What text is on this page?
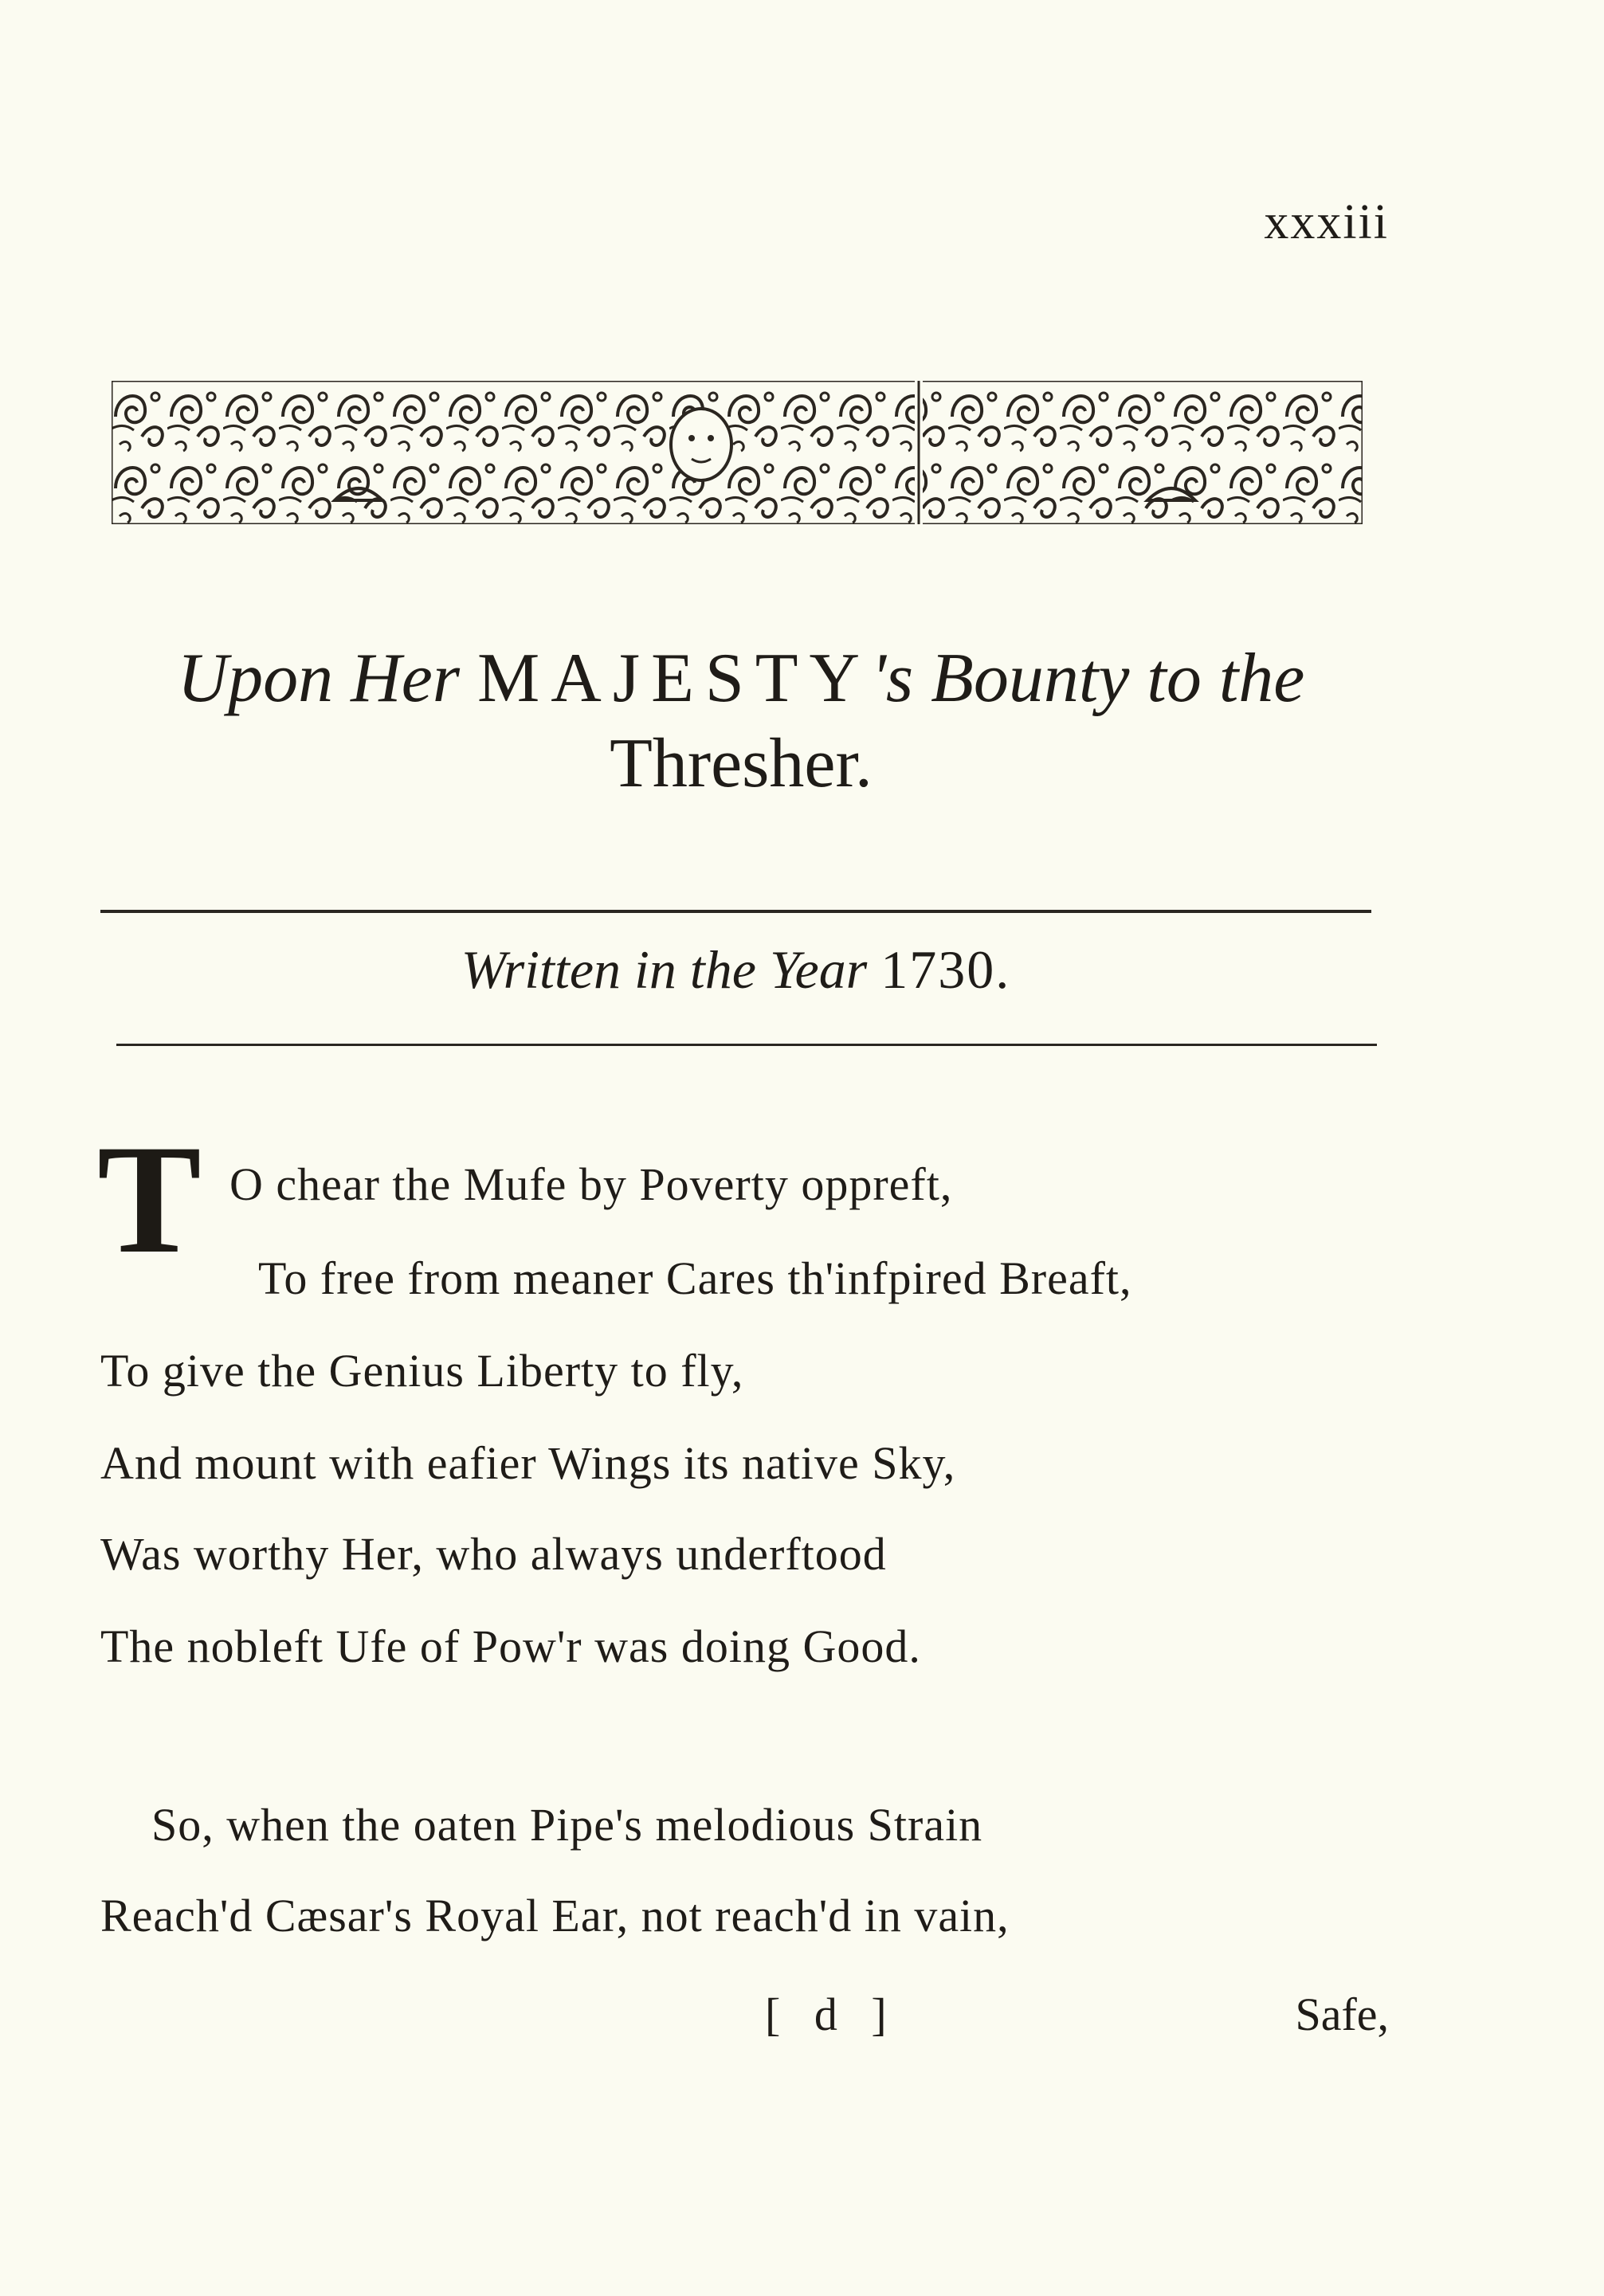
xxxiii
Upon Her MAJESTY's Bounty to the
Thresher.
Written in the Year 1730.
T O chear the Mufe by Poverty oppreft,
To free from meaner Cares th'infpired Breaft,
To give the Genius Liberty to fly,
And mount with eafier Wings its native Sky,
Was worthy Her, who always underftood
The nobleft Ufe of Pow'r was doing Good.
So, when the oaten Pipe's melodious Strain
Reach'd Cæsar's Royal Ear, not reach'd in vain,
[ d ]	Safe,
